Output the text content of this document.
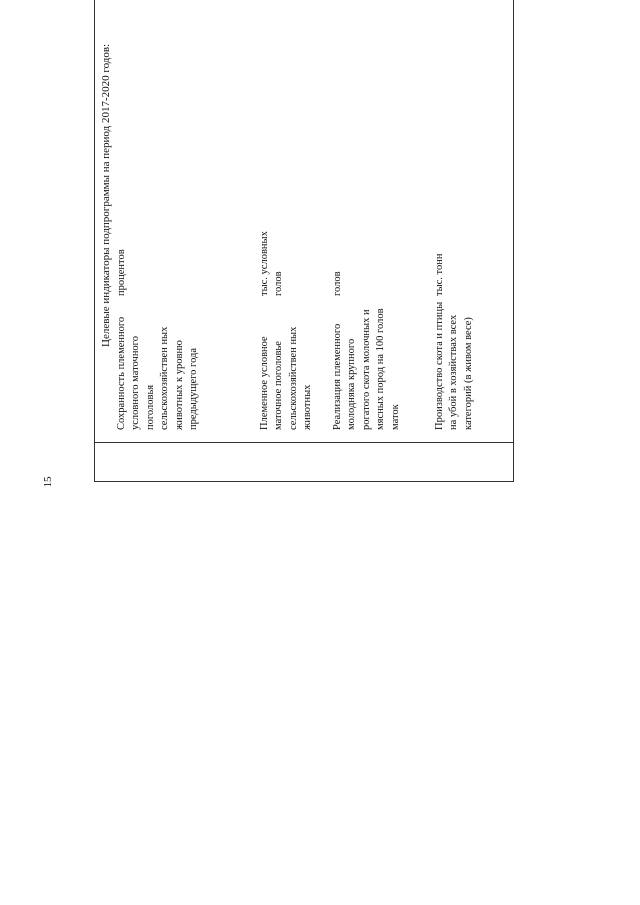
15
Целевые индикаторы подпрограммы на период 2017-2020 годов:
Сохранность племенного условного маточного поголовья сельскохозяйствен ных животных к уровню предыдущего года
процентов
Племенное условное маточное поголовье сельскохозяйствен ных животных
тыс. условных голов
Реализация племенного молодняка крупного рогатого скота молочных и мясных пород на 100 голов маток
голов
Производство скота и птицы на убой в хозяйствах всех категорий (в живом весе)
тыс. тонн
